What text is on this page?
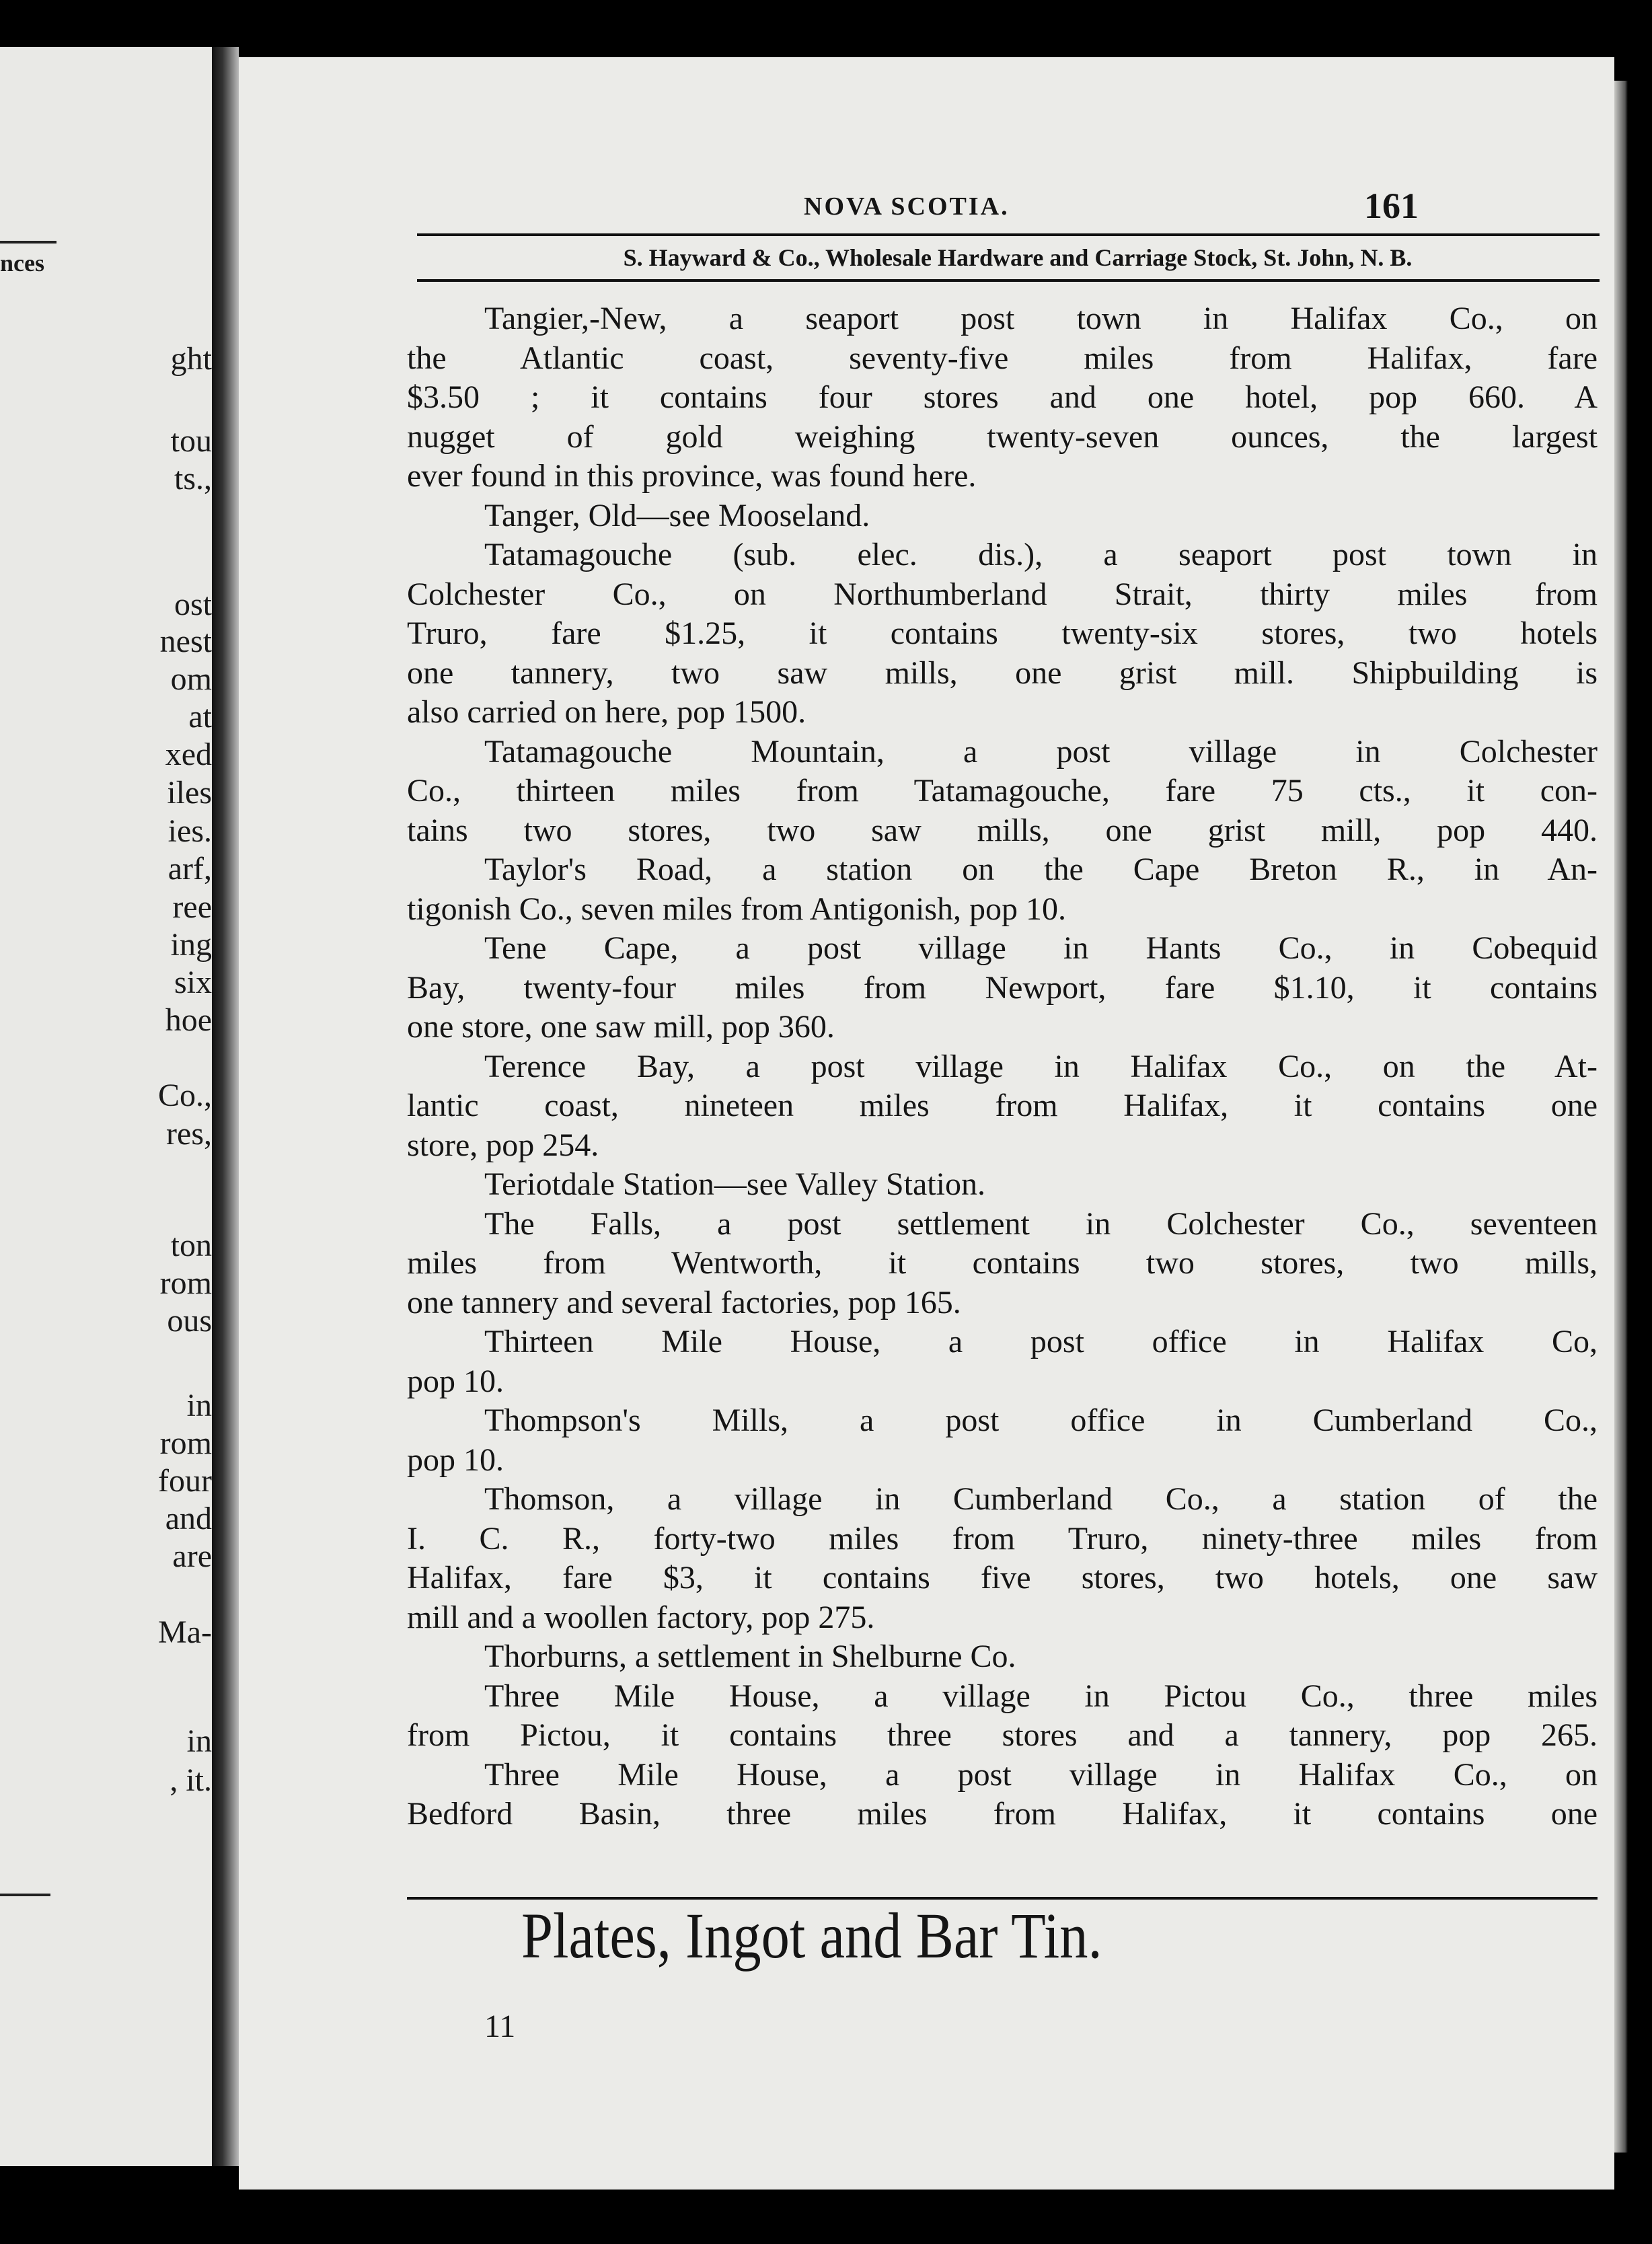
nces
ght
tou
ts.,
ost
nest
om
at
xed
iles
ies.
arf,
ree
ing
six
hoe
Co.,
res,
ton
rom
ous
in
rom
four
and
are
Ma-
in
, it.
NOVA SCOTIA.	161
S. Hayward & Co., Wholesale Hardware and Carriage Stock, St. John, N. B.
Tangier,-New, a seaport post town in Halifax Co., on
the Atlantic coast, seventy-five miles from Halifax, fare
$3.50 ; it contains four stores and one hotel, pop 660. A
nugget of gold weighing twenty-seven ounces, the largest
ever found in this province, was found here.
Tanger, Old—see Mooseland.
Tatamagouche (sub. elec. dis.), a seaport post town in
Colchester Co., on Northumberland Strait, thirty miles from
Truro, fare $1.25, it contains twenty-six stores, two hotels
one tannery, two saw mills, one grist mill. Shipbuilding is
also carried on here, pop 1500.
Tatamagouche Mountain, a post village in Colchester
Co., thirteen miles from Tatamagouche, fare 75 cts., it con-
tains two stores, two saw mills, one grist mill, pop 440.
Taylor's Road, a station on the Cape Breton R., in An-
tigonish Co., seven miles from Antigonish, pop 10.
Tene Cape, a post village in Hants Co., in Cobequid
Bay, twenty-four miles from Newport, fare $1.10, it contains
one store, one saw mill, pop 360.
Terence Bay, a post village in Halifax Co., on the At-
lantic coast, nineteen miles from Halifax, it contains one
store, pop 254.
Teriotdale Station—see Valley Station.
The Falls, a post settlement in Colchester Co., seventeen
miles from Wentworth, it contains two stores, two mills,
one tannery and several factories, pop 165.
Thirteen Mile House, a post office in Halifax Co,
pop 10.
Thompson's Mills, a post office in Cumberland Co.,
pop 10.
Thomson, a village in Cumberland Co., a station of the
I. C. R., forty-two miles from Truro, ninety-three miles from
Halifax, fare $3, it contains five stores, two hotels, one saw
mill and a woollen factory, pop 275.
Thorburns, a settlement in Shelburne Co.
Three Mile House, a village in Pictou Co., three miles
from Pictou, it contains three stores and a tannery, pop 265.
Three Mile House, a post village in Halifax Co., on
Bedford Basin, three miles from Halifax, it contains one
Plates, Ingot and Bar Tin.
11
